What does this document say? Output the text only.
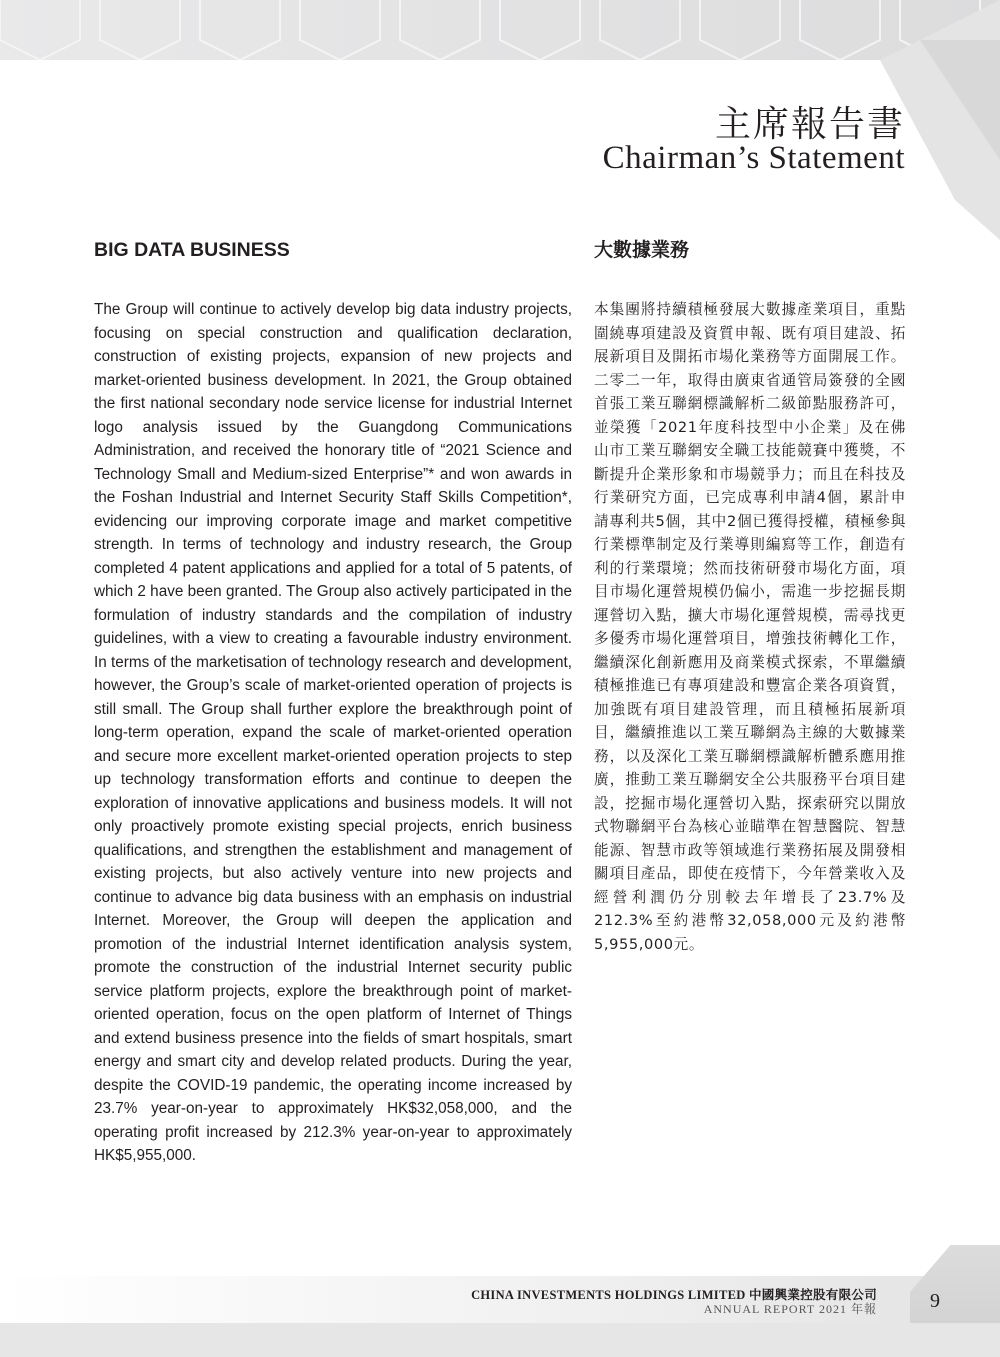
主席報告書
Chairman’s Statement
BIG DATA BUSINESS

The Group will continue to actively develop big data industry projects, focusing on special construction and qualification declaration, construction of existing projects, expansion of new projects and market-oriented business development. In 2021, the Group obtained the first national secondary node service license for industrial Internet logo analysis issued by the Guangdong Communications Administration, and received the honorary title of “2021 Science and Technology Small and Medium-sized Enterprise”* and won awards in the Foshan Industrial and Internet Security Staff Skills Competition*, evidencing our improving corporate image and market competitive strength. In terms of technology and industry research, the Group completed 4 patent applications and applied for a total of 5 patents, of which 2 have been granted. The Group also actively participated in the formulation of industry standards and the compilation of industry guidelines, with a view to creating a favourable industry environment. In terms of the marketisation of technology research and development, however, the Group’s scale of market-oriented operation of projects is still small. The Group shall further explore the breakthrough point of long-term operation, expand the scale of market-oriented operation and secure more excellent market-oriented operation projects to step up technology transformation efforts and continue to deepen the exploration of innovative applications and business models. It will not only proactively promote existing special projects, enrich business qualifications, and strengthen the establishment and management of existing projects, but also actively venture into new projects and continue to advance big data business with an emphasis on industrial Internet. Moreover, the Group will deepen the application and promotion of the industrial Internet identification analysis system, promote the construction of the industrial Internet security public service platform projects, explore the breakthrough point of market-oriented operation, focus on the open platform of Internet of Things and extend business presence into the fields of smart hospitals, smart energy and smart city and develop related products. During the year, despite the COVID-19 pandemic, the operating income increased by 23.7% year-on-year to approximately HK$32,058,000, and the operating profit increased by 212.3% year-on-year to approximately HK$5,955,000.

大數據業務

本集團將持續積極發展大數據產業項目，重點圍繞專項建設及資質申報、既有項目建設、拓展新項目及開拓市場化業務等方面開展工作。二零二一年，取得由廣東省通管局簽發的全國首張工業互聯網標識解析二級節點服務許可，並榮獲「2021年度科技型中小企業」及在佛山市工業互聯網安全職工技能競賽中獲獎，不斷提升企業形象和市場競爭力；而且在科技及行業研究方面，已完成專利申請4個，累計申請專利共5個，其中2個已獲得授權，積極參與行業標準制定及行業導則編寫等工作，創造有利的行業環境；然而技術研發市場化方面，項目市場化運營規模仍偏小，需進一步挖掘長期運營切入點，擴大市場化運營規模，需尋找更多優秀市場化運營項目，增強技術轉化工作，繼續深化創新應用及商業模式探索，不單繼續積極推進已有專項建設和豐富企業各項資質，加強既有項目建設管理，而且積極拓展新項目，繼續推進以工業互聯網為主線的大數據業務，以及深化工業互聯網標識解析體系應用推廣，推動工業互聯網安全公共服務平台項目建設，挖掘市場化運營切入點，探索研究以開放式物聯網平台為核心並瞄準在智慧醫院、智慧能源、智慧市政等領域進行業務拓展及開發相關項目產品，即使在疫情下，今年營業收入及經營利潤仍分別較去年增長了23.7%及212.3%至約港幣32,058,000元及約港幣5,955,000元。

CHINA INVESTMENTS HOLDINGS LIMITED 中國興業控股有限公司
ANNUAL REPORT 2021 年報	9
